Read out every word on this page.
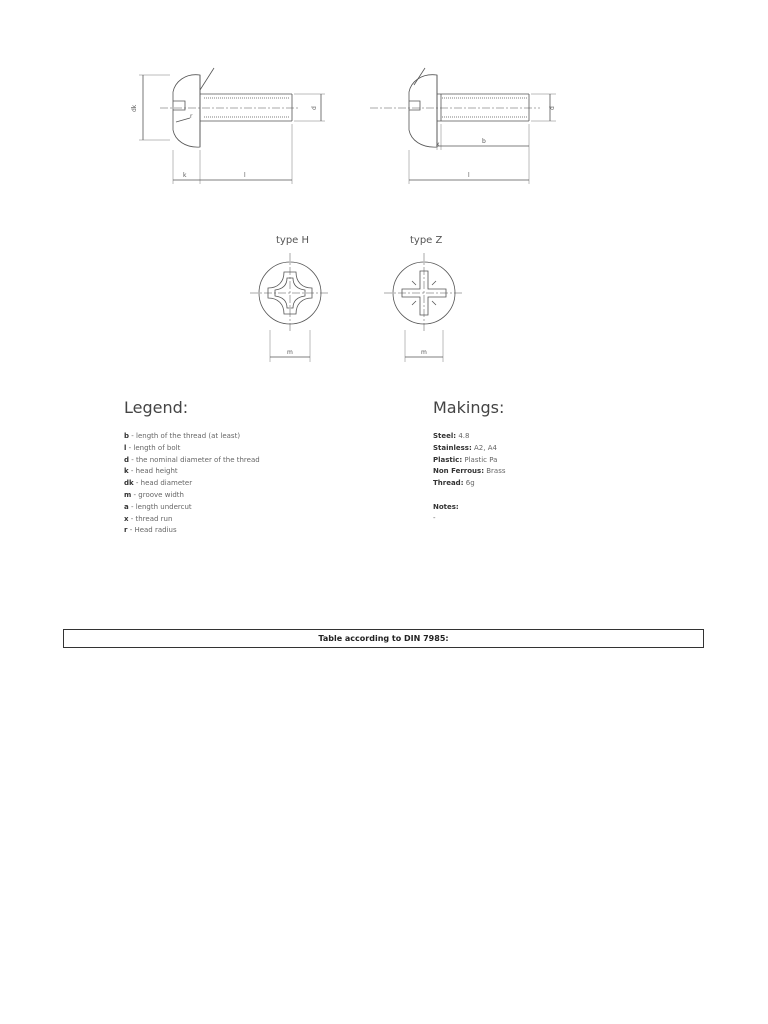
dk	d
k	l
r
d
x	b
l
m	m
type H	type Z
Legend:
b - length of the thread (at least)
l - length of bolt
d - the nominal diameter of the thread
k - head height
dk - head diameter
m - groove width
a - length undercut
x - thread run
r - Head radius
Makings:
Steel: 4.8
Stainless: A2, A4
Plastic: Plastic Pa
Non Ferrous: Brass
Thread: 6g
Notes:
-
Table according to DIN 7985:
